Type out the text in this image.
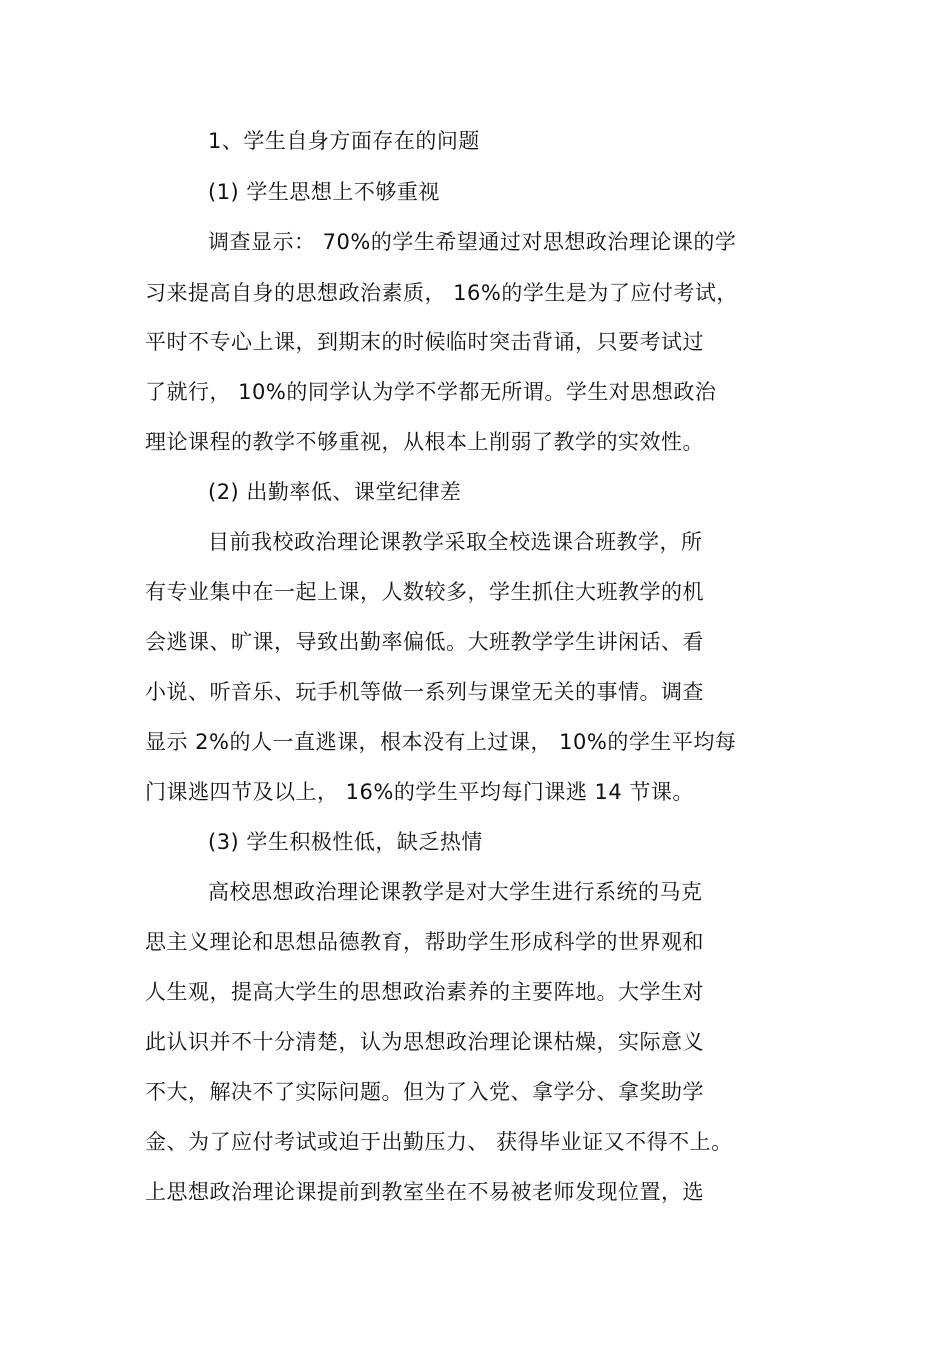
1、学生自身方面存在的问题
(1) 学生思想上不够重视
调查显示： 70%的学生希望通过对思想政治理论课的学
习来提高自身的思想政治素质， 16%的学生是为了应付考试，
平时不专心上课，到期末的时候临时突击背诵，只要考试过
了就行， 10%的同学认为学不学都无所谓。学生对思想政治
理论课程的教学不够重视，从根本上削弱了教学的实效性。
(2) 出勤率低、课堂纪律差
目前我校政治理论课教学采取全校选课合班教学，所
有专业集中在一起上课，人数较多，学生抓住大班教学的机
会逃课、旷课，导致出勤率偏低。大班教学学生讲闲话、看
小说、听音乐、玩手机等做一系列与课堂无关的事情。调查
显示 2%的人一直逃课，根本没有上过课， 10%的学生平均每
门课逃四节及以上， 16%的学生平均每门课逃 14 节课。
(3) 学生积极性低，缺乏热情
高校思想政治理论课教学是对大学生进行系统的马克
思主义理论和思想品德教育，帮助学生形成科学的世界观和
人生观，提高大学生的思想政治素养的主要阵地。大学生对
此认识并不十分清楚，认为思想政治理论课枯燥，实际意义
不大，解决不了实际问题。但为了入党、拿学分、拿奖助学
金、为了应付考试或迫于出勤压力、 获得毕业证又不得不上。
上思想政治理论课提前到教室坐在不易被老师发现位置，选
